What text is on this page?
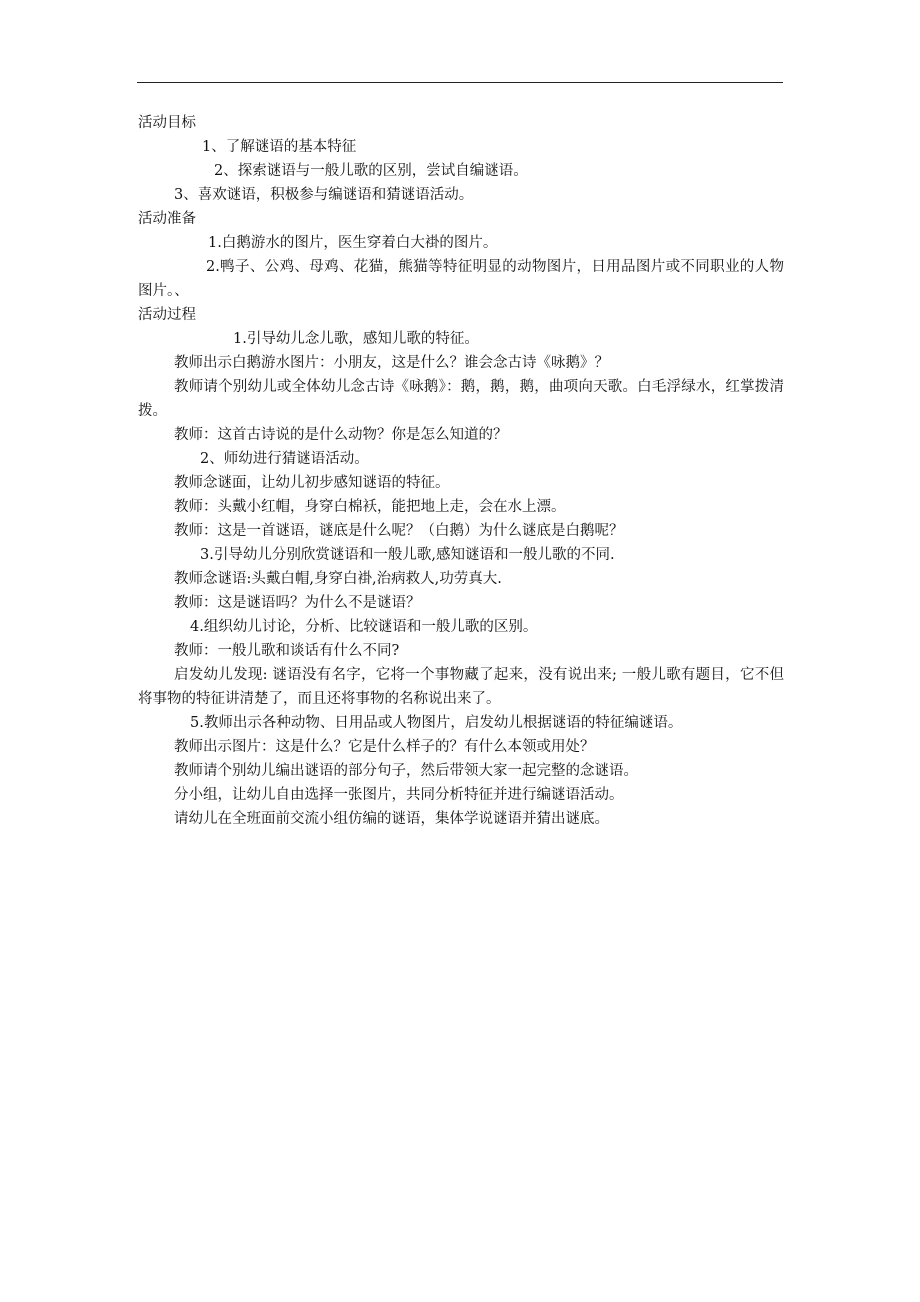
活动目标
1、了解谜语的基本特征
2、探索谜语与一般儿歌的区别，尝试自编谜语。
3、喜欢谜语，积极参与编谜语和猜谜语活动。
活动准备
1.白鹅游水的图片，医生穿着白大褂的图片。
2.鸭子、公鸡、母鸡、花猫，熊猫等特征明显的动物图片，日用品图片或不同职业的人物图片。、
活动过程
1.引导幼儿念儿歌，感知儿歌的特征。
教师出示白鹅游水图片：小朋友，这是什么？谁会念古诗《咏鹅》？
教师请个别幼儿或全体幼儿念古诗《咏鹅》：鹅，鹅，鹅，曲项向天歌。白毛浮绿水，红掌拨清拨。
教师：这首古诗说的是什么动物？你是怎么知道的？
2、师幼进行猜谜语活动。
教师念谜面，让幼儿初步感知谜语的特征。
教师：头戴小红帽，身穿白棉袄，能把地上走，会在水上漂。
教师：这是一首谜语，谜底是什么呢？（白鹅）为什么谜底是白鹅呢？
3.引导幼儿分别欣赏谜语和一般儿歌,感知谜语和一般儿歌的不同.
教师念谜语:头戴白帽,身穿白褂,治病救人,功劳真大.
教师：这是谜语吗？为什么不是谜语？
4.组织幼儿讨论，分析、比较谜语和一般儿歌的区别。
教师：一般儿歌和谈话有什么不同?
启发幼儿发现: 谜语没有名字，它将一个事物藏了起来，没有说出来; 一般儿歌有题目，它不但将事物的特征讲清楚了，而且还将事物的名称说出来了。
5.教师出示各种动物、日用品或人物图片，启发幼儿根据谜语的特征编谜语。
教师出示图片：这是什么？它是什么样子的？有什么本领或用处？
教师请个别幼儿编出谜语的部分句子，然后带领大家一起完整的念谜语。
分小组，让幼儿自由选择一张图片，共同分析特征并进行编谜语活动。
请幼儿在全班面前交流小组仿编的谜语，集体学说谜语并猜出谜底。
